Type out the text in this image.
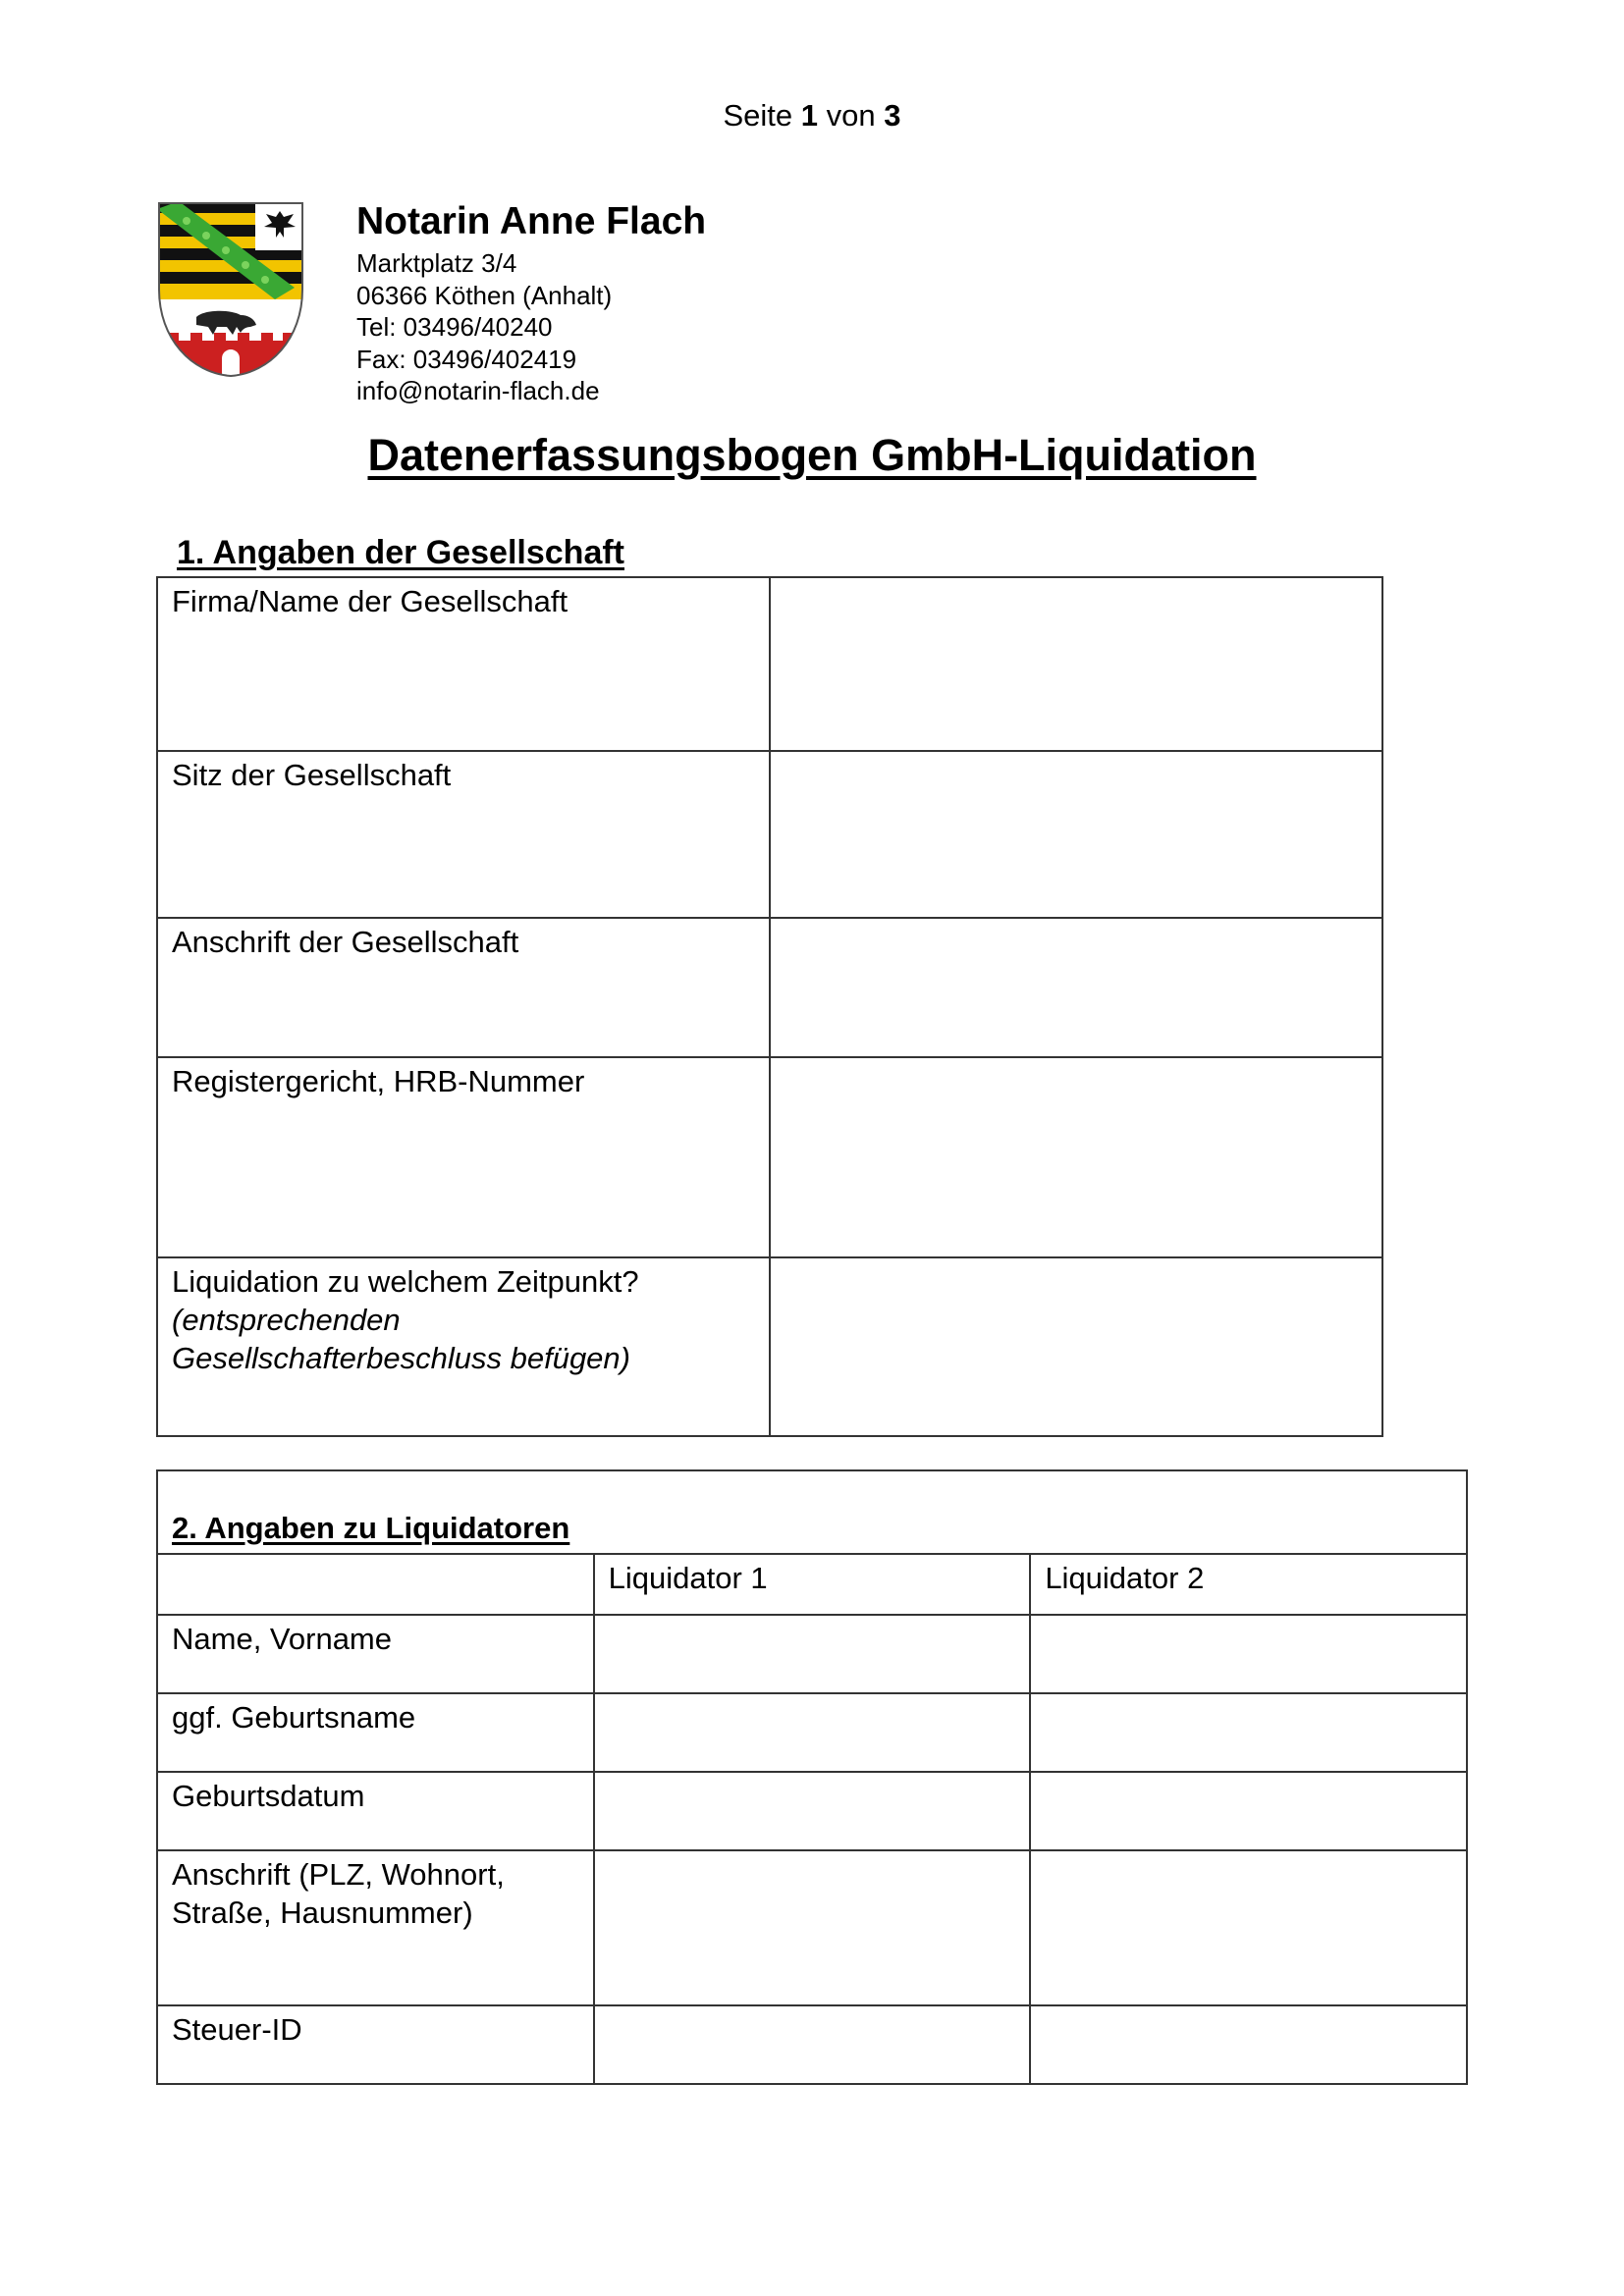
Seite 1 von 3
Notarin Anne Flach
Marktplatz 3/4
06366 Köthen (Anhalt)
Tel: 03496/40240
Fax: 03496/402419
info@notarin-flach.de
Datenerfassungsbogen GmbH-Liquidation
1. Angaben der Gesellschaft
Firma/Name der Gesellschaft	

Sitz der Gesellschaft	

Anschrift der Gesellschaft	

Registergericht, HRB-Nummer	

Liquidation zu welchem Zeitpunkt?
(entsprechenden
Gesellschafterbeschluss befügen)	

2. Angaben zu Liquidatoren		

	Liquidator 1	Liquidator 2

Name, Vorname		

ggf. Geburtsname		

Geburtsdatum		

Anschrift (PLZ, Wohnort,
Straße, Hausnummer)		

Steuer-ID		
